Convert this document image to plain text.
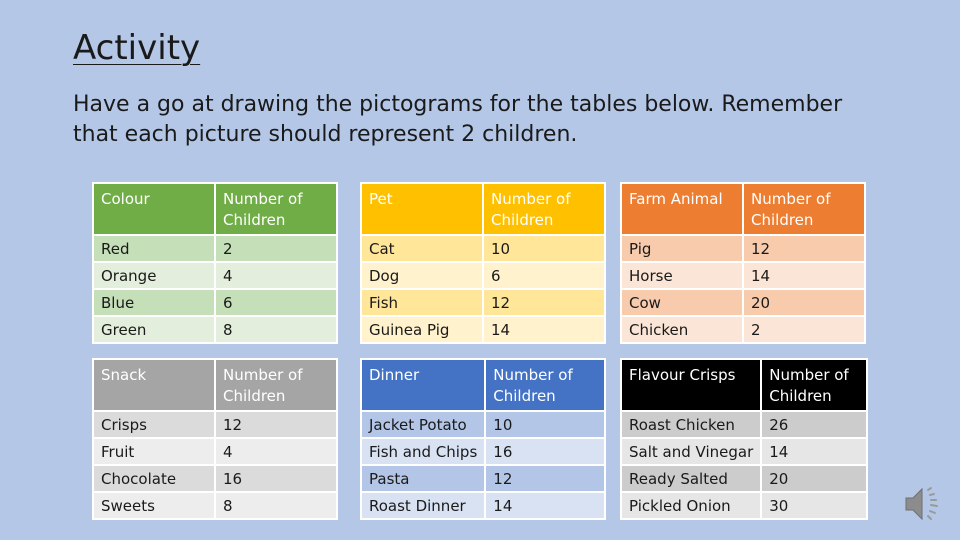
Activity

Have a go at drawing the pictograms for the tables below. Remember that each picture should represent 2 children.

Colour	Number of Children
Red	2
Orange	4
Blue	6
Green	8
Pet	Number of Children
Cat	10
Dog	6
Fish	12
Guinea Pig	14
Farm Animal	Number of Children
Pig	12
Horse	14
Cow	20
Chicken	2
Snack	Number of Children
Crisps	12
Fruit	4
Chocolate	16
Sweets	8
Dinner	Number of Children
Jacket Potato	10
Fish and Chips	16
Pasta	12
Roast Dinner	14
Flavour Crisps	Number of Children
Roast Chicken	26
Salt and Vinegar	14
Ready Salted	20
Pickled Onion	30
